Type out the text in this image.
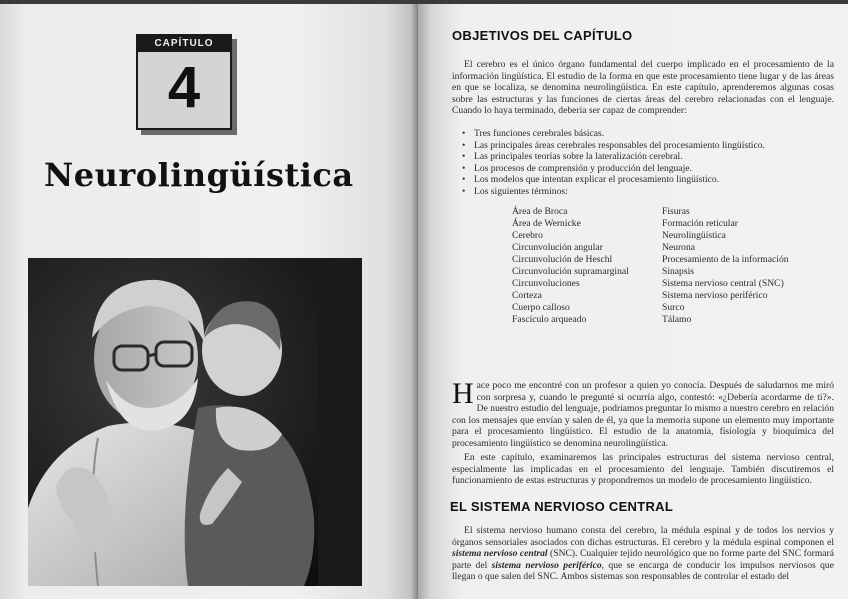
CAPÍTULO
4
Neurolingüística
OBJETIVOS DEL CAPÍTULO

El cerebro es el único órgano fundamental del cuerpo implicado en el procesamiento de la información lingüística. El estudio de la forma en que este procesamiento tiene lugar y de las áreas en que se localiza, se denomina neurolingüística. En este capítulo, aprenderemos algunas cosas sobre las estructuras y las funciones de ciertas áreas del cerebro relacionadas con el lenguaje. Cuando lo haya terminado, debería ser capaz de comprender:

• Tres funciones cerebrales básicas.
• Las principales áreas cerebrales responsables del procesamiento lingüístico.
• Las principales teorías sobre la lateralización cerebral.
• Los procesos de comprensión y producción del lenguaje.
• Los modelos que intentan explicar el procesamiento lingüístico.
• Los siguientes términos:
Área de Broca
Área de Wernicke
Cerebro
Circunvolución angular
Circunvolución de Heschl
Circunvolución supramarginal
Circunvoluciones
Corteza
Cuerpo calloso
Fascículo arqueado
Fisuras
Formación reticular
Neurolingüística
Neurona
Procesamiento de la información
Sinapsis
Sistema nervioso central (SNC)
Sistema nervioso periférico
Surco
Tálamo

Hace poco me encontré con un profesor a quien yo conocía. Después de saludarnos me miró con sorpresa y, cuando le pregunté si ocurría algo, contestó: «¿Debería acordarme de ti?». De nuestro estudio del lenguaje, podríamos preguntar lo mismo a nuestro cerebro en relación con los mensajes que envían y salen de él, ya que la memoria supone un elemento muy importante para el procesamiento lingüístico. El estudio de la anatomía, fisiología y bioquímica del procesamiento lingüístico se denomina neurolingüística.

En este capítulo, examinaremos las principales estructuras del sistema nervioso central, especialmente las implicadas en el procesamiento del lenguaje. También discutiremos el funcionamiento de estas estructuras y propondremos un modelo de procesamiento lingüístico.

EL SISTEMA NERVIOSO CENTRAL

El sistema nervioso humano consta del cerebro, la médula espinal y de todos los nervios y órganos sensoriales asociados con dichas estructuras. El cerebro y la médula espinal componen el sistema nervioso central (SNC). Cualquier tejido neurológico que no forme parte del SNC formará parte del sistema nervioso periférico, que se encarga de conducir los impulsos nerviosos que llegan o que salen del SNC. Ambos sistemas son responsables de controlar el estado del
